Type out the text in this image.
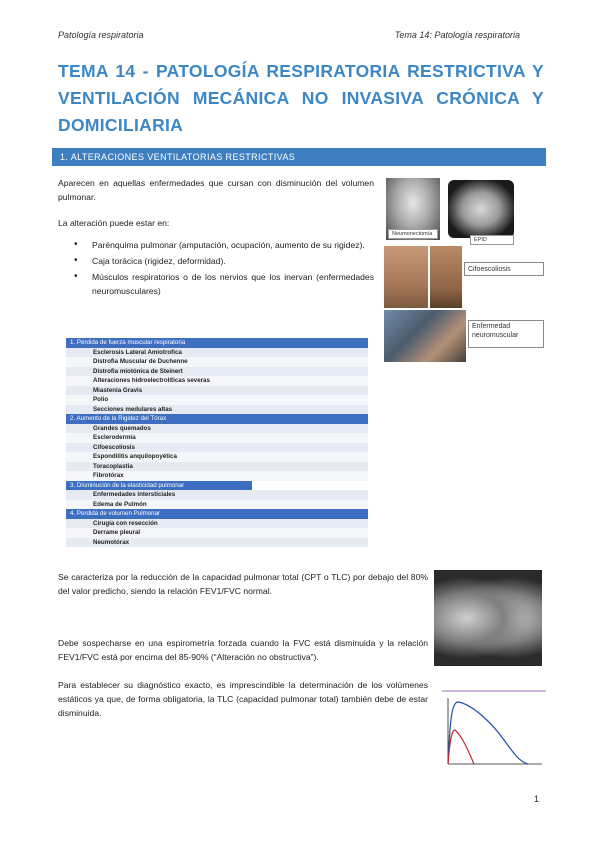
Patología respiratoria	Tema 14: Patología respiratoria
TEMA 14 - PATOLOGÍA RESPIRATORIA RESTRICTIVA Y VENTILACIÓN MECÁNICA NO INVASIVA CRÓNICA Y DOMICILIARIA
1. ALTERACIONES VENTILATORIAS RESTRICTIVAS

Aparecen en aquellas enfermedades que cursan con disminución del volumen pulmonar.

La alteración puede estar en:

• Parénquima pulmonar (amputación, ocupación, aumento de su rigidez).
• Caja torácica (rigidez, deformidad).
• Músculos respiratorios o de los nervios que los inervan (enfermedades neuromusculares)
Neumonectomía
EPID
Cifoescoliosis
Enfermedad neuromuscular
1. Pérdida de fuerza muscular respiratoria
Esclerosis Lateral Amiotrofica
Distrofia Muscular de Duchenne
Distrofia miotónica de Steinert
Alteraciones hidroelectrolíticas severas
Miastenia Gravis
Polio
Secciones medulares altas
2. Aumento de la Rigidez del Tórax
Grandes quemados
Esclerodermia
Cifoescoliosis
Espondilitis anquilopoyética
Toracoplastia
Fibrotórax
3. Disminución de la elasticidad pulmonar
Enfermedades intersticiales
Edema de Pulmón
4. Perdida de volumen Pulmonar
Cirugía con resección
Derrame pleural
Neumotórax

Se caracteriza por la reducción de la capacidad pulmonar total (CPT o TLC) por debajo del 80% del valor predicho, siendo la relación FEV1/FVC normal.

Debe sospecharse en una espirometría forzada cuando la FVC está disminuida y la relación FEV1/FVC está por encima del 85-90% (“Alteración no obstructiva”).

Para establecer su diagnóstico exacto, es imprescindible la determinación de los volúmenes estáticos ya que, de forma obligatoria, la TLC (capacidad pulmonar total) también debe de estar disminuida.

1
